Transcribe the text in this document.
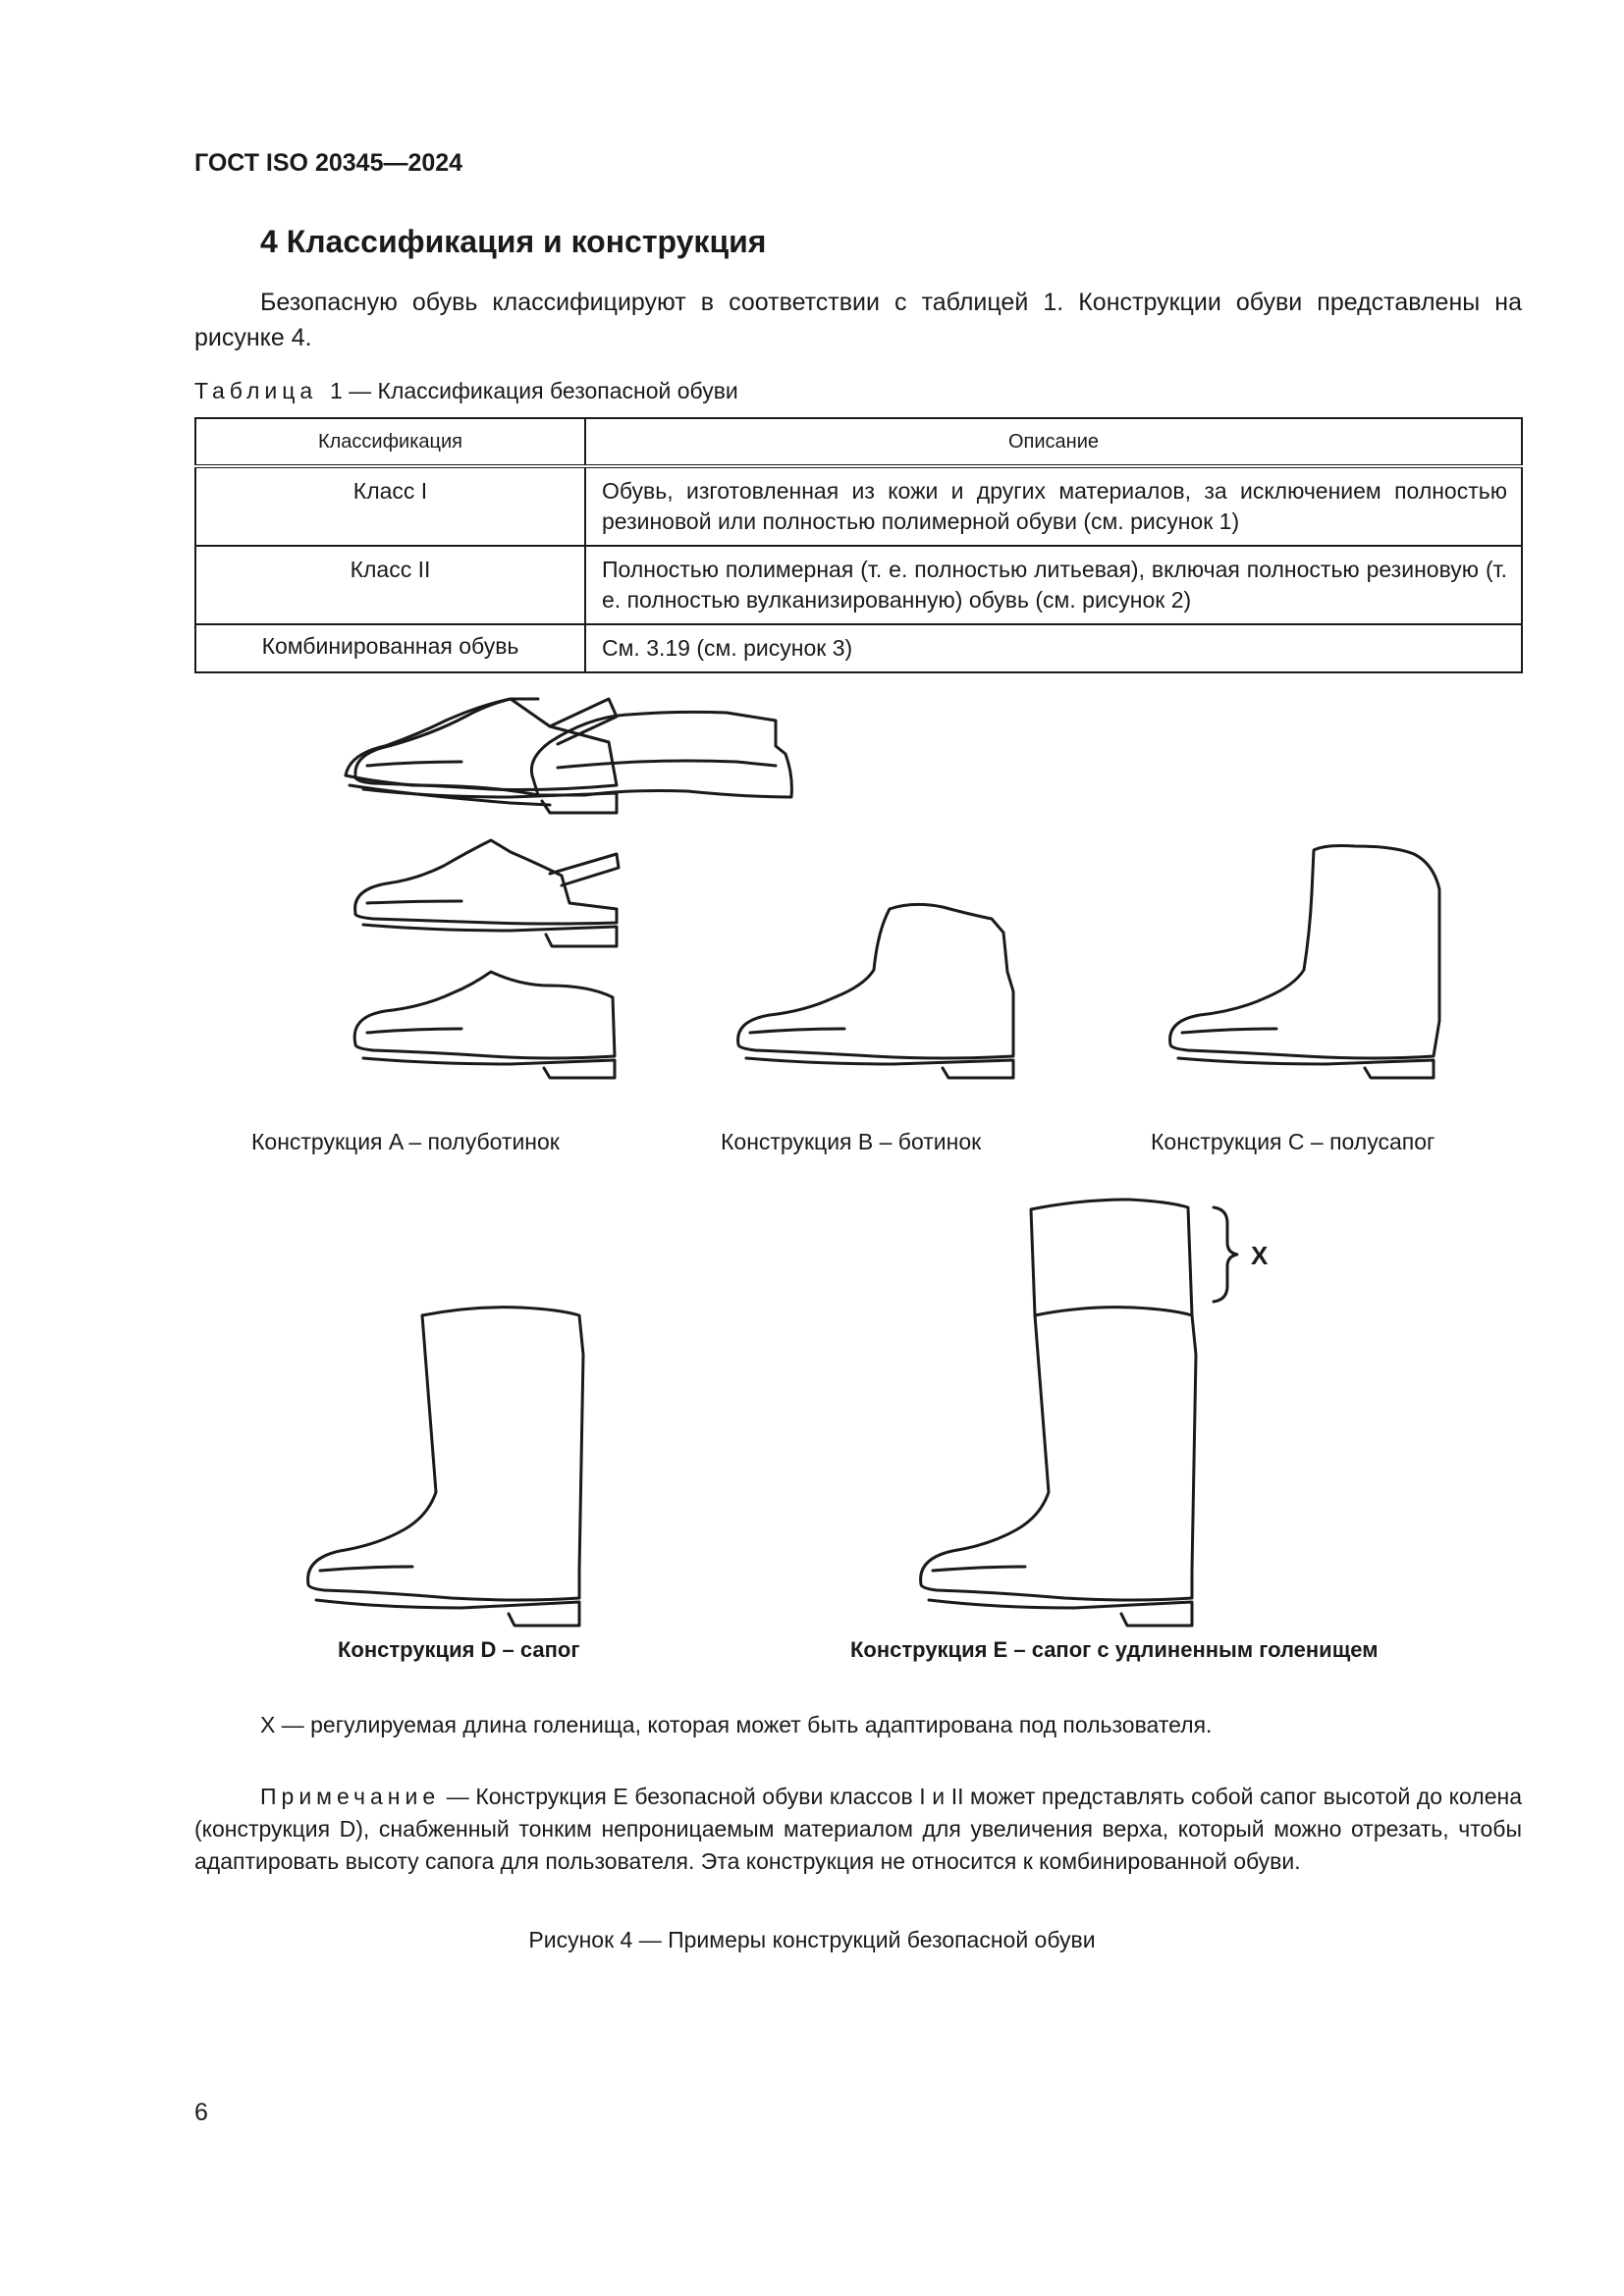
ГОСТ ISO 20345—2024
4 Классификация и конструкция
Безопасную обувь классифицируют в соответствии с таблицей 1. Конструкции обуви представлены на рисунке 4.
Таблица 1 — Классификация безопасной обуви
Классификация	Описание
Класс I	Обувь, изготовленная из кожи и других материалов, за исключением полностью резиновой или полностью полимерной обуви (см. рисунок 1)
Класс II	Полностью полимерная (т. е. полностью литьевая), включая полностью резиновую (т. е. полностью вулканизированную) обувь (см. рисунок 2)
Комбинированная обувь	См. 3.19 (см. рисунок 3)
Конструкция A – полуботинок	Конструкция B – ботинок	Конструкция C – полусапог
X
Конструкция D – сапог	Конструкция E – сапог с удлиненным голенищем
X — регулируемая длина голенища, которая может быть адаптирована под пользователя.
Примечание — Конструкция E безопасной обуви классов I и II может представлять собой сапог высотой до колена (конструкция D), снабженный тонким непроницаемым материалом для увеличения верха, который можно отрезать, чтобы адаптировать высоту сапога для пользователя. Эта конструкция не относится к комбинированной обуви.
Рисунок 4 — Примеры конструкций безопасной обуви
6
